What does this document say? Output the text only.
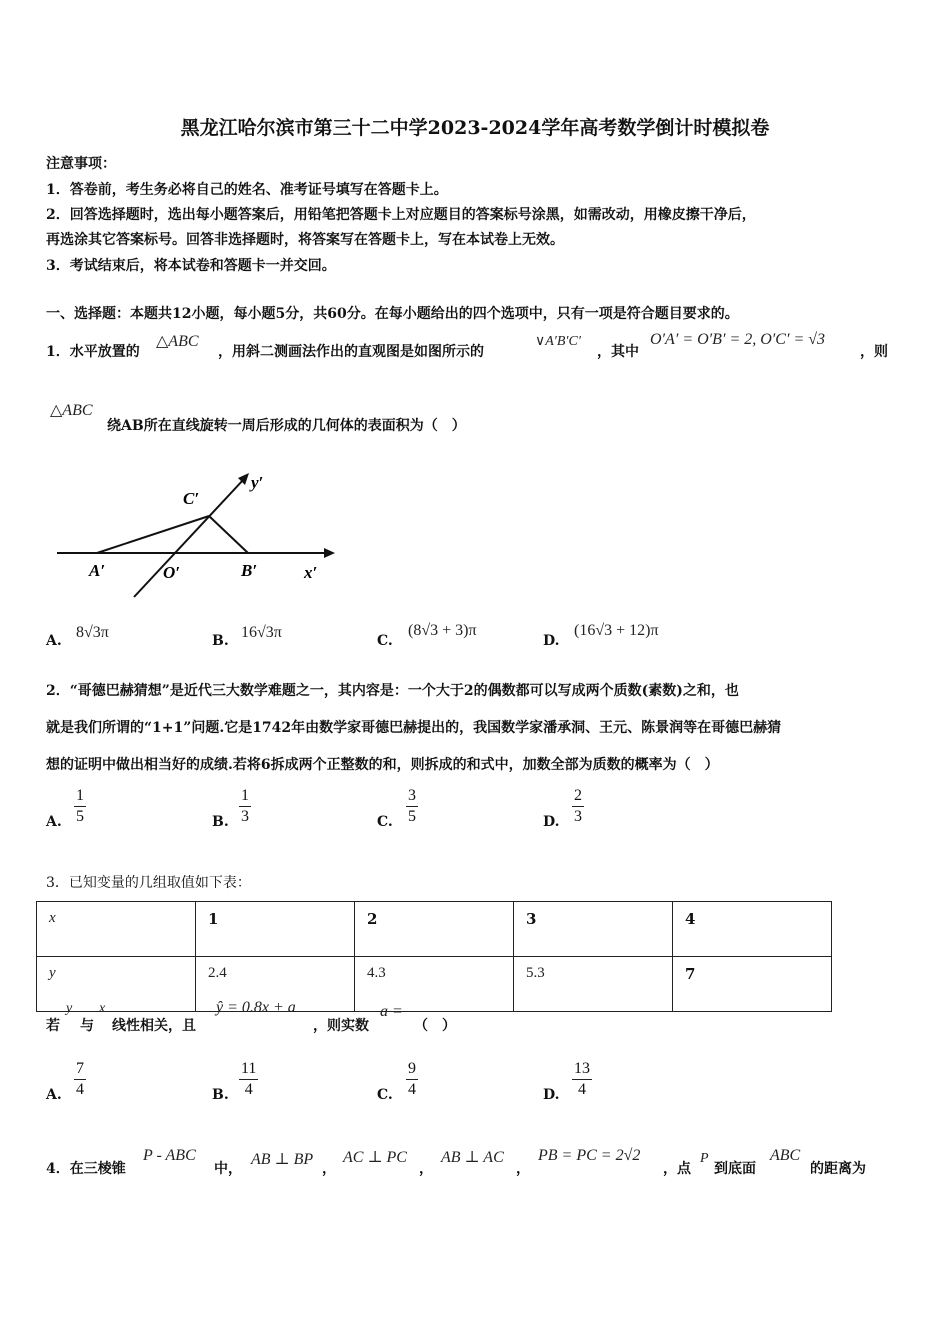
黑龙江哈尔滨市第三十二中学2023-2024学年高考数学倒计时模拟卷
注意事项：
1．答卷前，考生务必将自己的姓名、准考证号填写在答题卡上。
2．回答选择题时，选出每小题答案后，用铅笔把答题卡上对应题目的答案标号涂黑，如需改动，用橡皮擦干净后，
再选涂其它答案标号。回答非选择题时，将答案写在答题卡上，写在本试卷上无效。
3．考试结束后，将本试卷和答题卡一并交回。
一、选择题：本题共12小题，每小题5分，共60分。在每小题给出的四个选项中，只有一项是符合题目要求的。
1．水平放置的
△ABC
，用斜二测画法作出的直观图是如图所示的
∨A′B′C′
，其中
O′A′ = O′B′ = 2, O′C′ = √3
，则
△ABC
绕AB所在直线旋转一周后形成的几何体的表面积为（　）
C′
y′
A′	O′	B′	x′
A. 8√3π	B. 16√3π	C.
(8√3 + 3)π
D.
(16√3 + 12)π
2．“哥德巴赫猜想”是近代三大数学难题之一，其内容是：一个大于2的偶数都可以写成两个质数(素数)之和，也
就是我们所谓的“1+1”问题.它是1742年由数学家哥德巴赫提出的，我国数学家潘承洞、王元、陈景润等在哥德巴赫猜
想的证明中做出相当好的成绩.若将6拆成两个正整数的和，则拆成的和式中，加数全部为质数的概率为（　）
A.
1
5	B.
1
3	C.
3
5	D.
2
3
3．已知变量的几组取值如下表：
x	1	2	3	4
y	2.4	4.3	5.3	7
若
y
与
x
线性相关，且
ŷ = 0.8x + a
，则实数
a =
（　）
A.
7
4	B.
11
4	C.
9
4	D.
13
4
4．在三棱锥
P - ABC
中，
AB ⊥ BP
，
AC ⊥ PC
，
AB ⊥ AC
，
PB = PC = 2√2
，点
P
到底面
ABC
的距离为
